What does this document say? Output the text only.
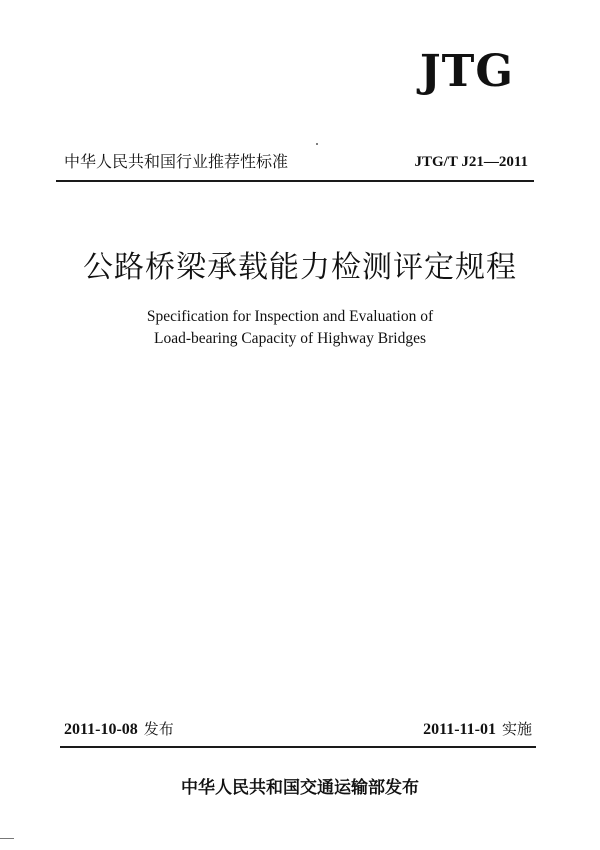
JTG
中华人民共和国行业推荐性标准	JTG/T J21—2011
公路桥梁承载能力检测评定规程
Specification for Inspection and Evaluation of
Load-bearing Capacity of Highway Bridges
2011-10-08 发布	2011-11-01 实施
中华人民共和国交通运输部发布
